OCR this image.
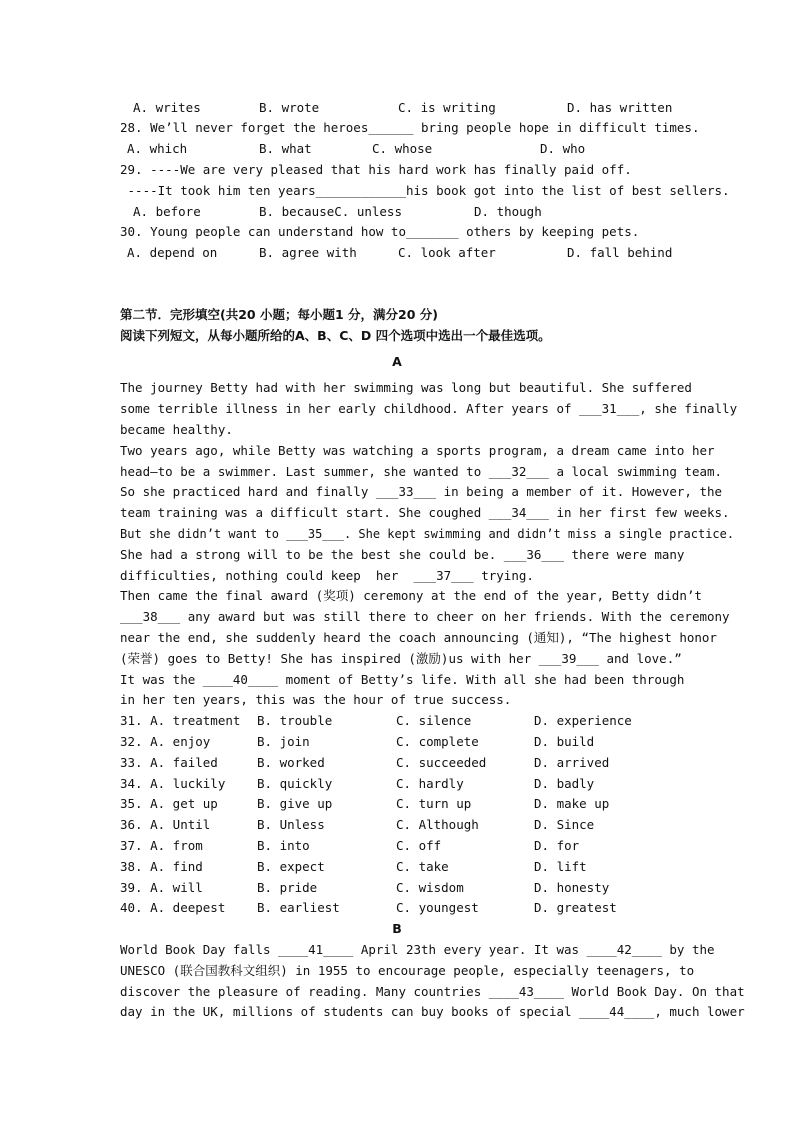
A. writes	B. wrote	C. is writing	D. has written
28. We’ll never forget the heroes______ bring people hope in difficult times.
A. which	B. what	C. whose	D. who
29. ----We are very pleased that his hard work has finally paid off.
----It took him ten years____________his book got into the list of best sellers.
A. before	B. becauseC. unless	D. though
30. Young people can understand how to_______ others by keeping pets.
A. depend on	B. agree with	C. look after	D. fall behind
第二节．完形填空(共20 小题；每小题1 分，满分20 分)
阅读下列短文，从每小题所给的A、B、C、D 四个选项中选出一个最佳选项。
A
The journey Betty had with her swimming was long but beautiful. She suffered
some terrible illness in her early childhood. After years of ___31___, she finally
became healthy.
Two years ago, while Betty was watching a sports program, a dream came into her
head—to be a swimmer. Last summer, she wanted to ___32___ a local swimming team.
So she practiced hard and finally ___33___ in being a member of it. However, the
team training was a difficult start. She coughed ___34___ in her first few weeks.
But she didn’t want to ___35___. She kept swimming and didn’t miss a single practice.
She had a strong will to be the best she could be. ___36___ there were many
difficulties, nothing could keep  her  ___37___ trying.
Then came the final award (奖项) ceremony at the end of the year, Betty didn’t
___38___ any award but was still there to cheer on her friends. With the ceremony
near the end, she suddenly heard the coach announcing (通知), “The highest honor
(荣誉) goes to Betty! She has inspired (激励)us with her ___39___ and love.”
It was the ____40____ moment of Betty’s life. With all she had been through
in her ten years, this was the hour of true success.
31. A. treatment B. trouble	C. silence	D. experience
32. A. enjoy	B. join	C. complete	D. build
33. A. failed	B. worked	C. succeeded	D. arrived
34. A. luckily	B. quickly	C. hardly	D. badly
35. A. get up	B. give up	C. turn up	D. make up
36. A. Until	B. Unless	C. Although	D. Since
37. A. from	B. into	C. off	D. for
38. A. find	B. expect	C. take	D. lift
39. A. will	B. pride	C. wisdom	D. honesty
40. A. deepest	B. earliest	C. youngest	D. greatest
B
World Book Day falls ____41____ April 23th every year. It was ____42____ by the
UNESCO (联合国教科文组织) in 1955 to encourage people, especially teenagers, to
discover the pleasure of reading. Many countries ____43____ World Book Day. On that
day in the UK, millions of students can buy books of special ____44____, much lower
